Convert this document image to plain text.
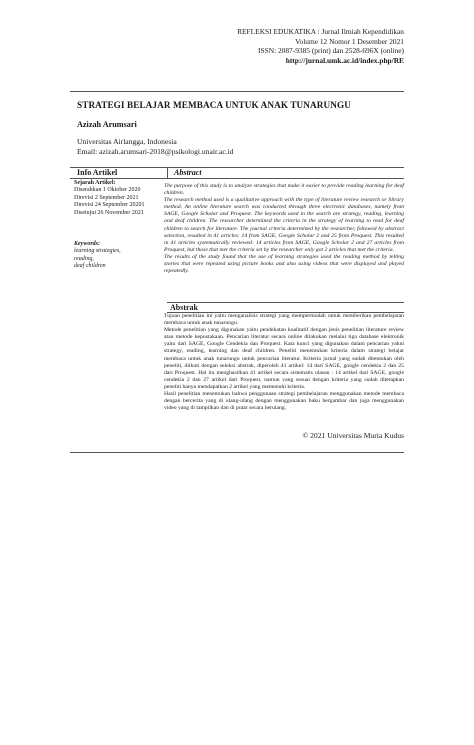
REFLEKSI EDUKATIKA : Jurnal Ilmiah Kependidikan
Volume 12 Nomor 1 Desember 2021
ISSN: 2087-9385 (print) dan 2528-696X (online)
http://jurnal.umk.ac.id/index.php/RE
STRATEGI BELAJAR MEMBACA UNTUK ANAK TUNARUNGU
Azizah Arumsari
Universitas Airlangga, Indonesia
Email: azizah.arumsari-2018@psikologi.unair.ac.id
Info Artikel	Abstract
Sejarah Artikel:
Diserahkan 1 Oktober 2020
Direvisi 2 September 2021
Direvisi 24 September 20201
Disetujui 26 November 2021
Keywords:
learning strategies,
reading,
deaf children

The purpose of this study is to analyze strategies that make it easier to provide reading learning for deaf children.

The research method used is a qualitative approach with the type of literature review research or library method. An online literature search was conducted through three electronic databases, namely from SAGE, Google Scholar and Proquest. The keywords used in the search are strategy, reading, learning and deaf children. The researcher determined the criteria in the strategy of learning to read for deaf children to search for literature. The journal criteria determined by the researcher, followed by abstract selection, resulted in 41 articles: 14 from SAGE, Google Scholar 2 and 25 from Proquest. This resulted in 41 articles systematically reviewed: 14 articles from SAGE, Google Scholar 2 and 27 articles from Proquest, but those that met the criteria set by the researcher only got 2 articles that met the criteria.

The results of the study found that the use of learning strategies used the reading method by telling stories that were repeated using picture books and also using videos that were displayed and played repeatedly.

Abstrak

Tujuan penelitian ini yaitu menganalisis strategi yang mempermudah untuk memberikan pembelajaran membaca untuk anak tunarungu.

Metode penelitian yang digunakan yaitu pendekatan kualitatif dengan jenis penelitian literature review atau metode kepustakaan. Pencarian literatur secara online dilakukan melalui tiga database elektronik yaitu dari SAGE, Google Cendekia dan Proquest. Kata kunci yang digunakan dalam pencarian yakni strategy, reading, learning dan deaf children. Peneliti menentukan kriteria dalam strategi belajar membaca untuk anak tunarungu untuk pencarian literatur. Kriteria jurnal yang sudah ditentukan oleh peneliti, diikuti dengan seleksi abstrak, diperoleh 41 artikel: 14 dari SAGE, google cendekia 2 dan 25 dari Proquest. Hal itu menghasilkan 41 artikel secara sistematis ulasan : 14 artikel dari SAGE, google cendekia 2 dan 27 artikel dari Proquest, namun yang sesuai dengan kriteria yang sudah ditetapkan peneliti hanya mendapatkan 2 artikel yang memenuhi kriteria.

Hasil penelitian menemukan bahwa penggunaan strategi pembelajaran menggunakan metode membaca dengan bercerita yang di ulang-ulang dengan menggunakan buku bergambar dan juga menggunakan video yang di tampilkan dan di putar secara berulang.

© 2021 Universitas Muria Kudus
